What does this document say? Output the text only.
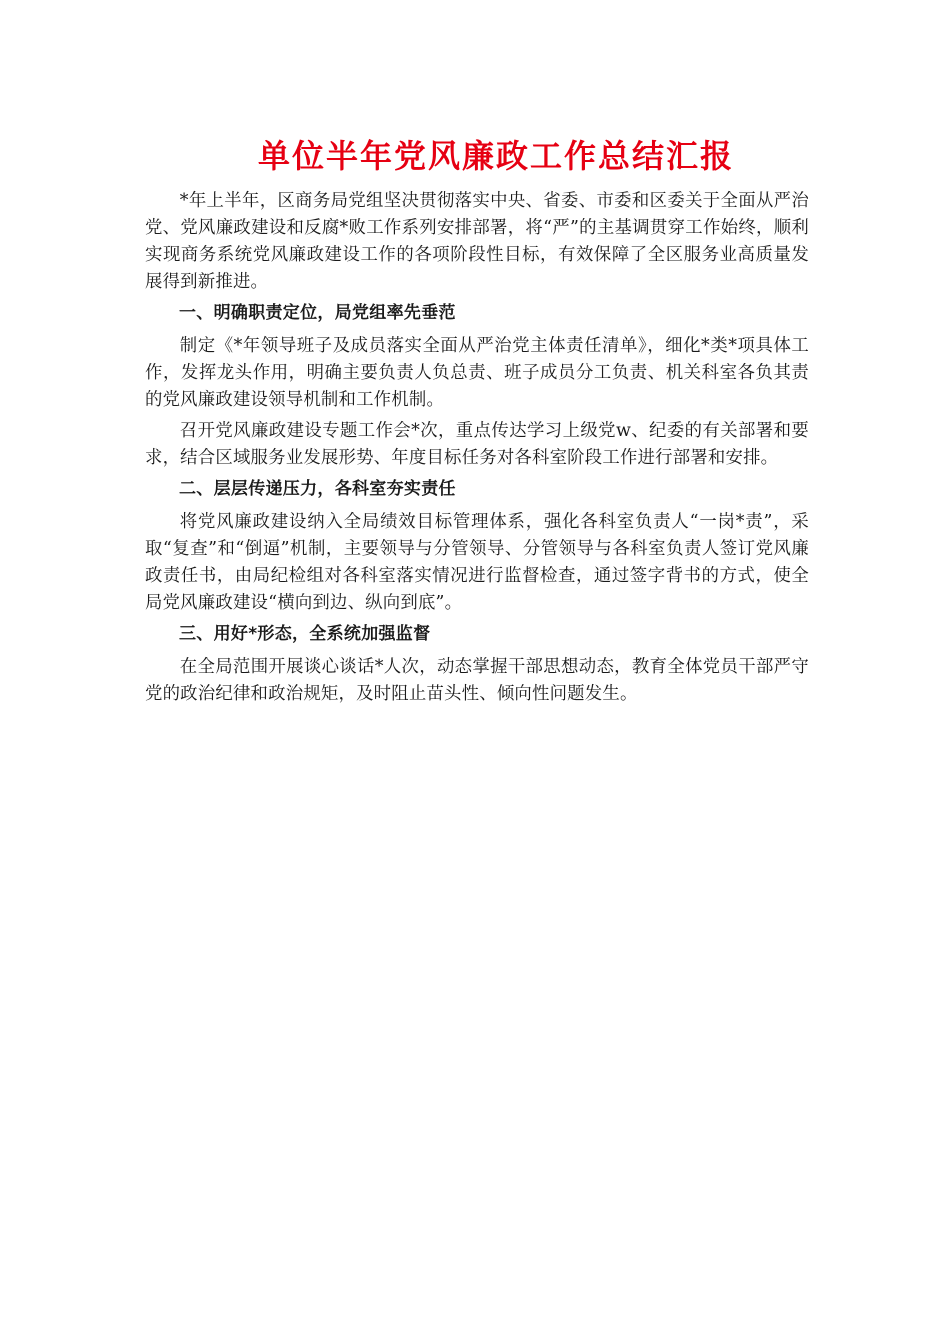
单位半年党风廉政工作总结汇报

*年上半年，区商务局党组坚决贯彻落实中央、省委、市委和区委关于全面从严治党、党风廉政建设和反腐*败工作系列安排部署，将“严”的主基调贯穿工作始终，顺利实现商务系统党风廉政建设工作的各项阶段性目标，有效保障了全区服务业高质量发展得到新推进。

一、明确职责定位，局党组率先垂范

制定《*年领导班子及成员落实全面从严治党主体责任清单》，细化*类*项具体工作，发挥龙头作用，明确主要负责人负总责、班子成员分工负责、机关科室各负其责的党风廉政建设领导机制和工作机制。

召开党风廉政建设专题工作会*次，重点传达学习上级党w、纪委的有关部署和要求，结合区域服务业发展形势、年度目标任务对各科室阶段工作进行部署和安排。

二、层层传递压力，各科室夯实责任

将党风廉政建设纳入全局绩效目标管理体系，强化各科室负责人“一岗*责”，采取“复查”和“倒逼”机制，主要领导与分管领导、分管领导与各科室负责人签订党风廉政责任书，由局纪检组对各科室落实情况进行监督检查，通过签字背书的方式，使全局党风廉政建设“横向到边、纵向到底”。

三、用好*形态，全系统加强监督

在全局范围开展谈心谈话*人次，动态掌握干部思想动态，教育全体党员干部严守党的政治纪律和政治规矩，及时阻止苗头性、倾向性问题发生。
